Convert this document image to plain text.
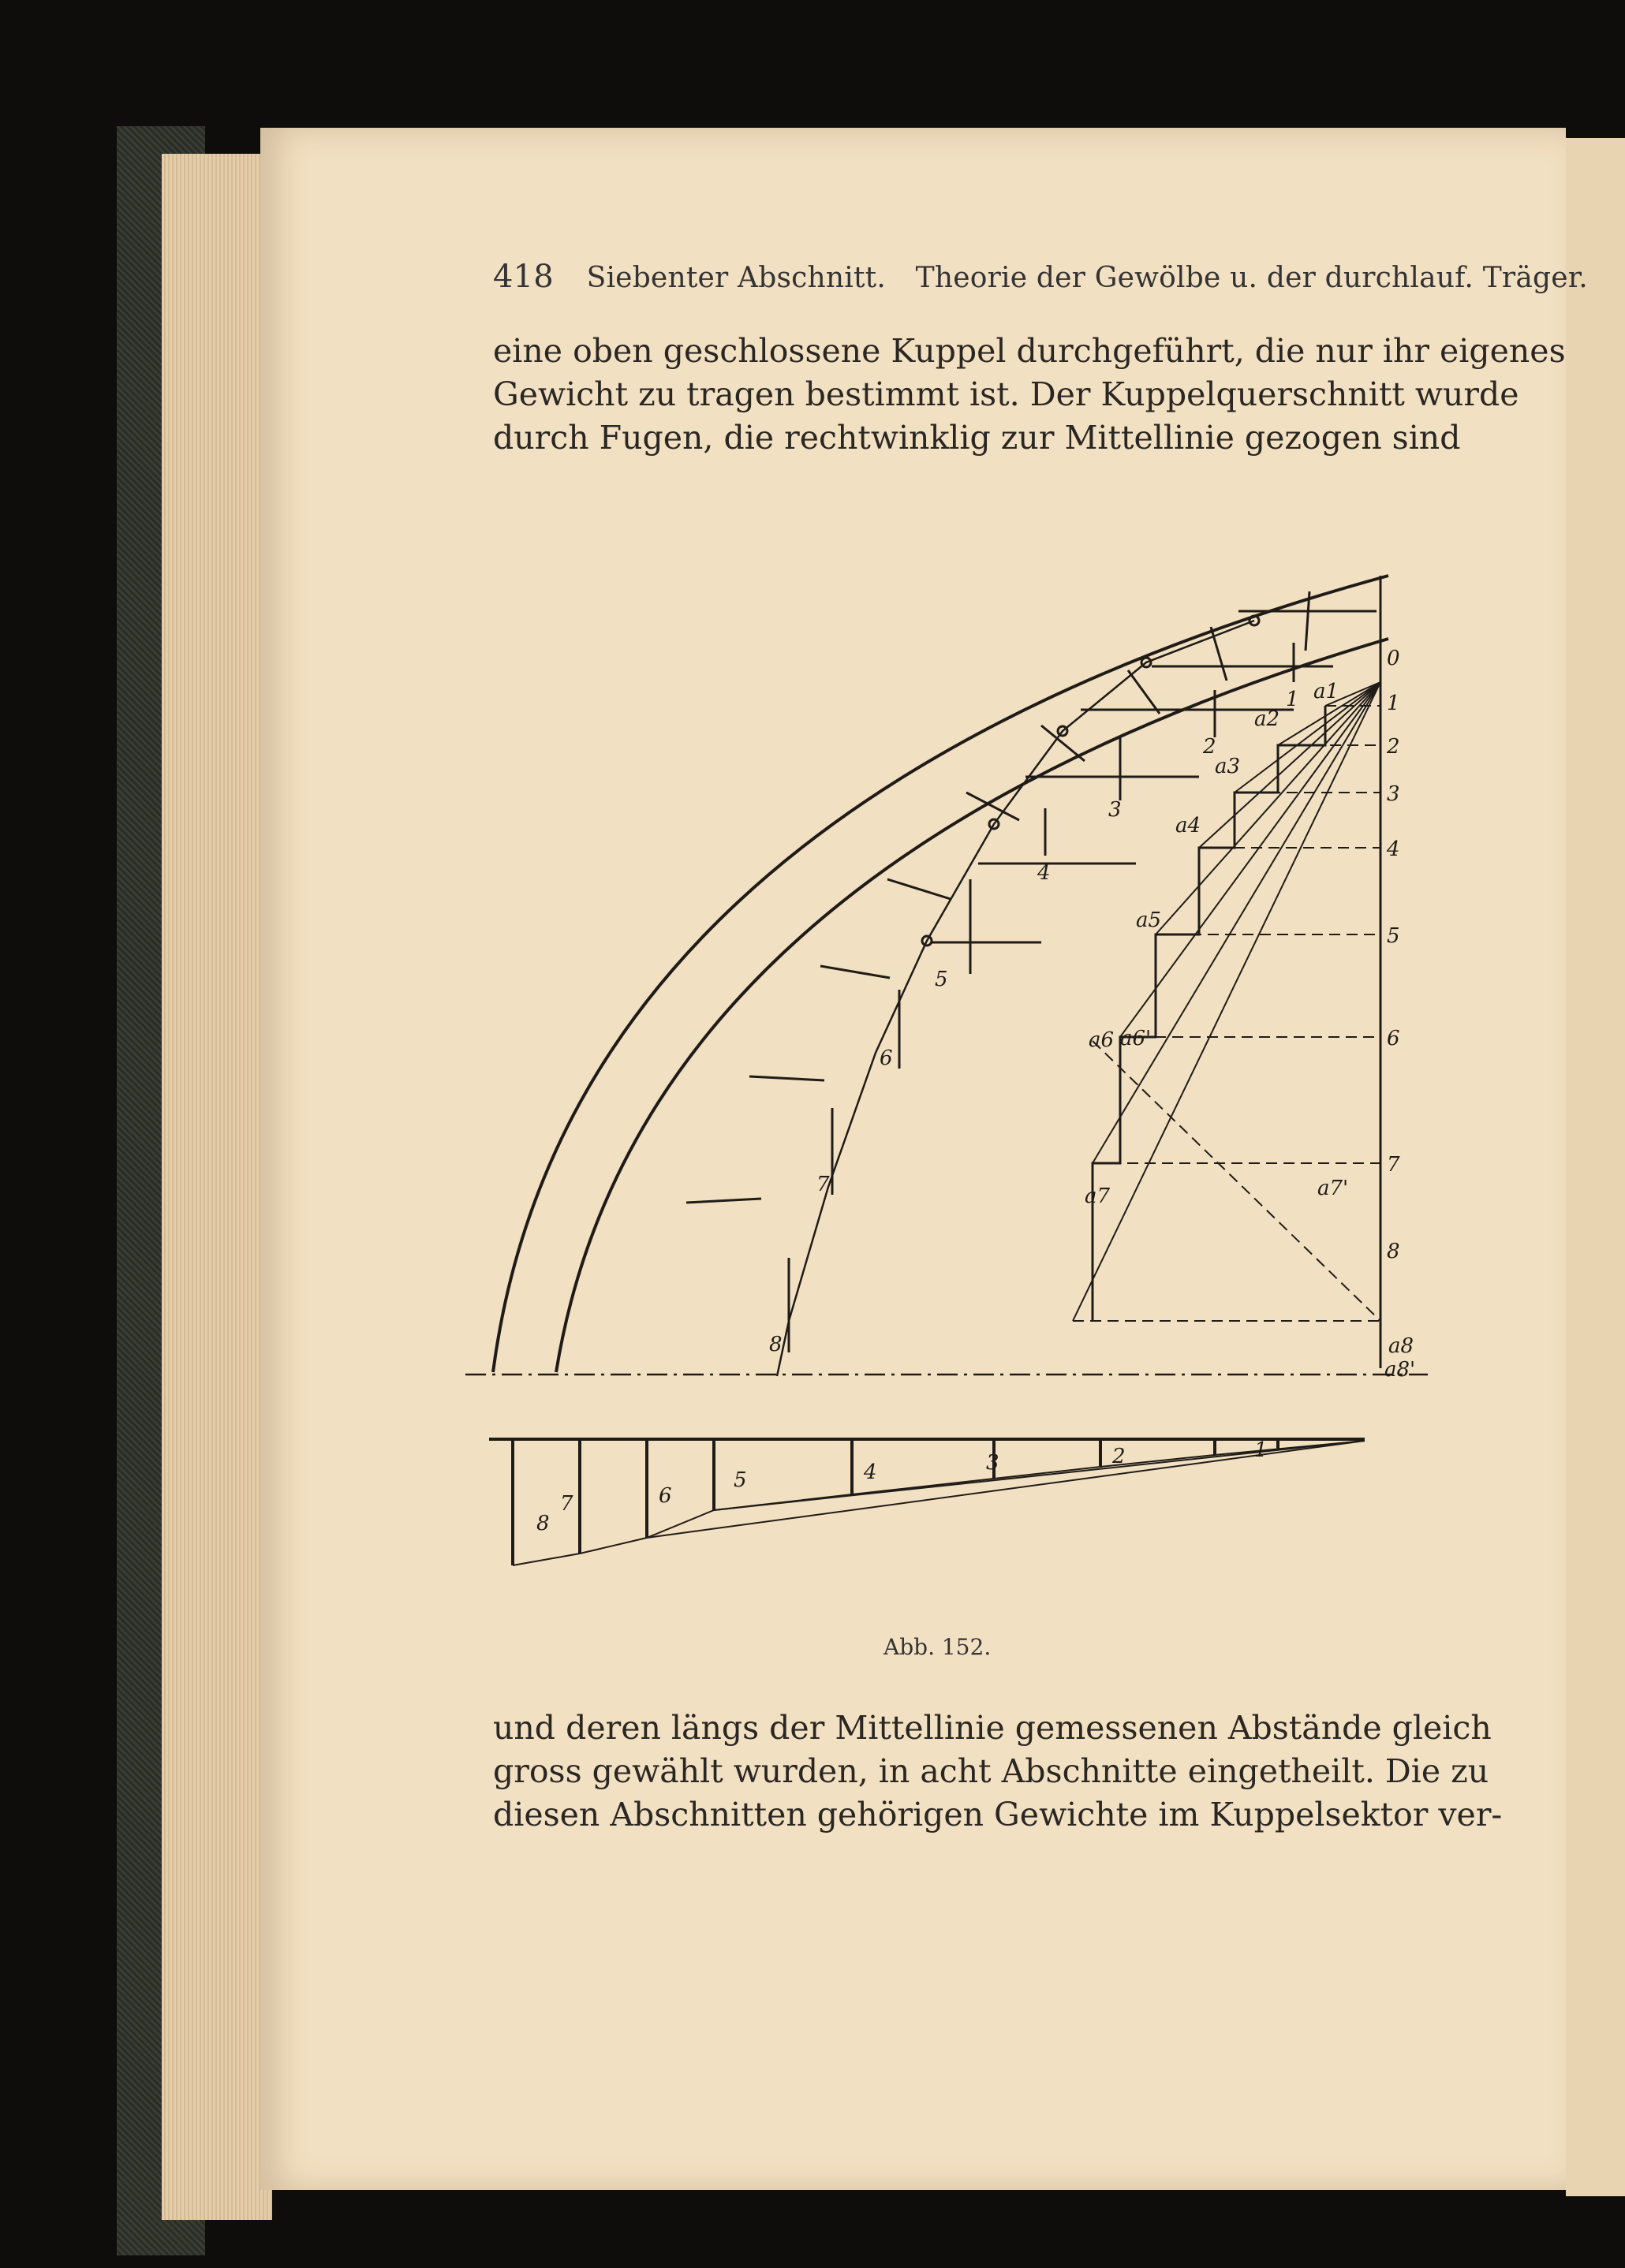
418 Siebenter Abschnitt. Theorie der Gewölbe u. der durchlauf. Träger.
eine oben geschlossene Kuppel durchgeführt, die nur ihr eigenes
Gewicht zu tragen bestimmt ist. Der Kuppelquerschnitt wurde
durch Fugen, die rechtwinklig zur Mittellinie gezogen sind
1
2
3
4
5
6
7
8
0
1
2
3
4
5
6
7
8
a1
a2
a3
a4
a5
a6
a7
a8
a6'
a7'
a8'
8
7	6
5	4	3	2	1
Abb. 152.
und deren längs der Mittellinie gemessenen Abstände gleich
gross gewählt wurden, in acht Abschnitte eingetheilt. Die zu
diesen Abschnitten gehörigen Gewichte im Kuppelsektor ver-
